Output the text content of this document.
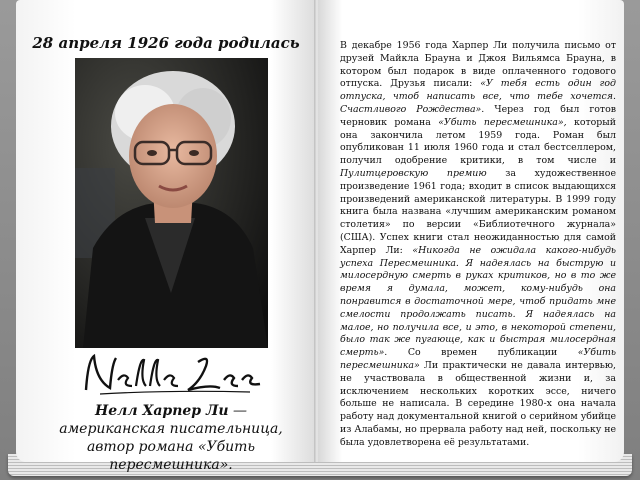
28 апреля 1926 года родилась
Нелл Харпер Ли —
американская писательница,
автор романа «Убить пересмешника».
В декабре 1956 года Харпер Ли получила письмо от друзей Майкла Брауна и Джоя Вильямса Брауна, в котором был подарок в виде оплаченного годового отпуска. Друзья писали: «У тебя есть один год отпуска, чтоб написать все, что тебе хочется. Счастливого Рождества». Через год был готов черновик романа «Убить пересмешника», который она закончила летом 1959 года. Роман был опубликован 11 июля 1960 года и стал бестселлером, получил одобрение критики, в том числе и Пулитцеровскую премию за художественное произведение 1961 года; входит в список выдающихся произведений американской литературы. В 1999 году книга была названа «лучшим американским романом столетия» по версии «Библиотечного журнала» (США). Успех книги стал неожиданностью для самой Харпер Ли: «Никогда не ожидала какого-нибудь успеха Пересмешника. Я надеялась на быструю и милосердную смерть в руках критиков, но в то же время я думала, может, кому-нибудь она понравится в достаточной мере, чтоб придать мне смелости продолжать писать. Я надеялась на малое, но получила все, и это, в некоторой степени, было так же пугающе, как и быстрая милосердная смерть». Со времен публикации «Убить пересмешника» Ли практически не давала интервью, не участвовала в общественной жизни и, за исключением нескольких коротких эссе, ничего больше не написала. В середине 1980-х она начала работу над документальной книгой о серийном убийце из Алабамы, но прервала работу над ней, поскольку не была удовлетворена её результатами.
